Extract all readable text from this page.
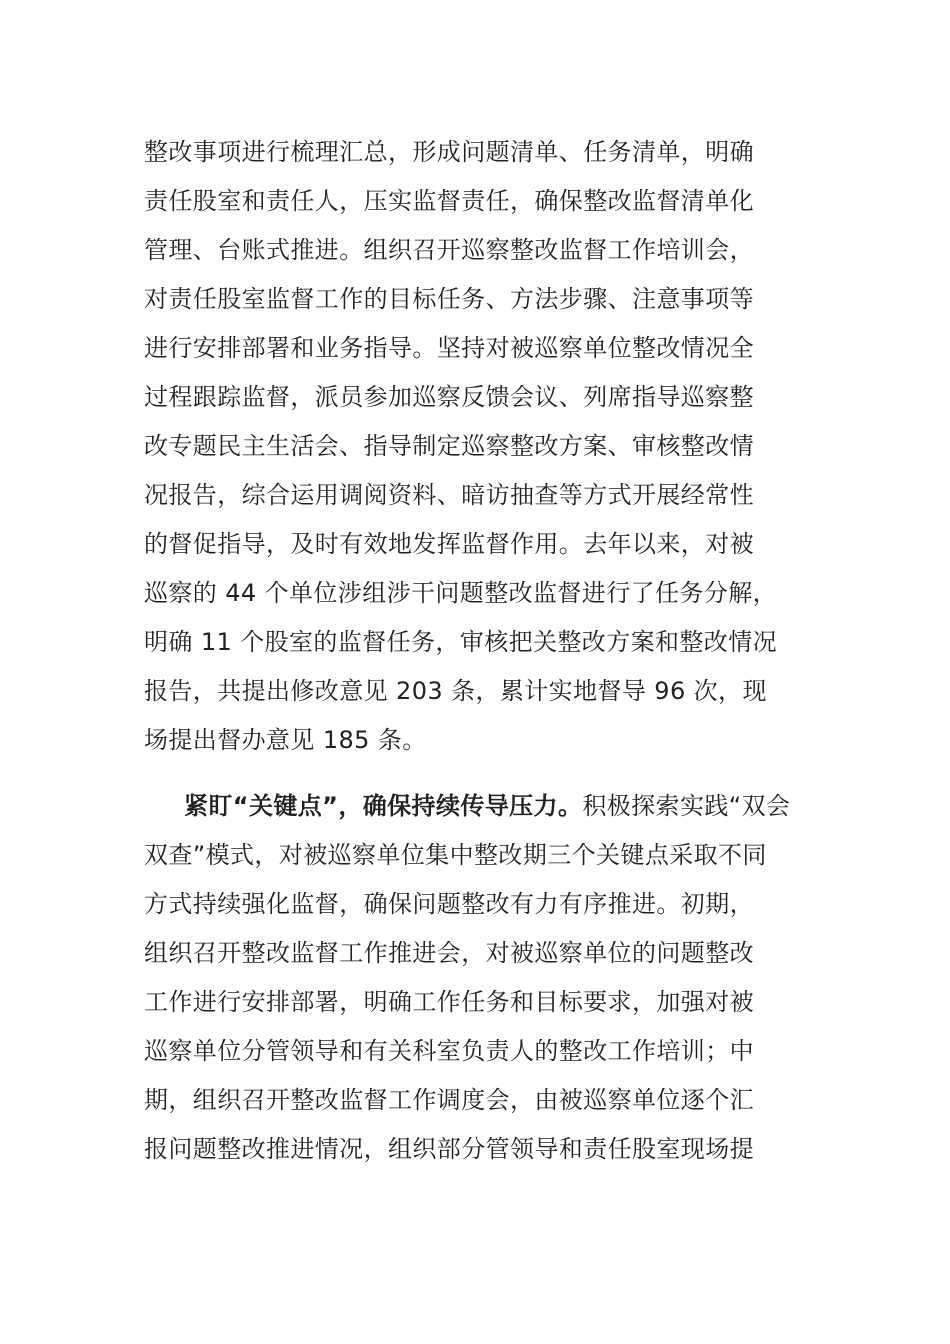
整改事项进行梳理汇总，形成问题清单、任务清单，明确
责任股室和责任人，压实监督责任，确保整改监督清单化
管理、台账式推进。组织召开巡察整改监督工作培训会，
对责任股室监督工作的目标任务、方法步骤、注意事项等
进行安排部署和业务指导。坚持对被巡察单位整改情况全
过程跟踪监督，派员参加巡察反馈会议、列席指导巡察整
改专题民主生活会、指导制定巡察整改方案、审核整改情
况报告，综合运用调阅资料、暗访抽查等方式开展经常性
的督促指导，及时有效地发挥监督作用。去年以来，对被
巡察的 44 个单位涉组涉干问题整改监督进行了任务分解，
明确 11 个股室的监督任务，审核把关整改方案和整改情况
报告，共提出修改意见 203 条，累计实地督导 96 次，现
场提出督办意见 185 条。
紧盯“关键点”，确保持续传导压力。积极探索实践“双会
双查”模式，对被巡察单位集中整改期三个关键点采取不同
方式持续强化监督，确保问题整改有力有序推进。初期，
组织召开整改监督工作推进会，对被巡察单位的问题整改
工作进行安排部署，明确工作任务和目标要求，加强对被
巡察单位分管领导和有关科室负责人的整改工作培训；中
期，组织召开整改监督工作调度会，由被巡察单位逐个汇
报问题整改推进情况，组织部分管领导和责任股室现场提
